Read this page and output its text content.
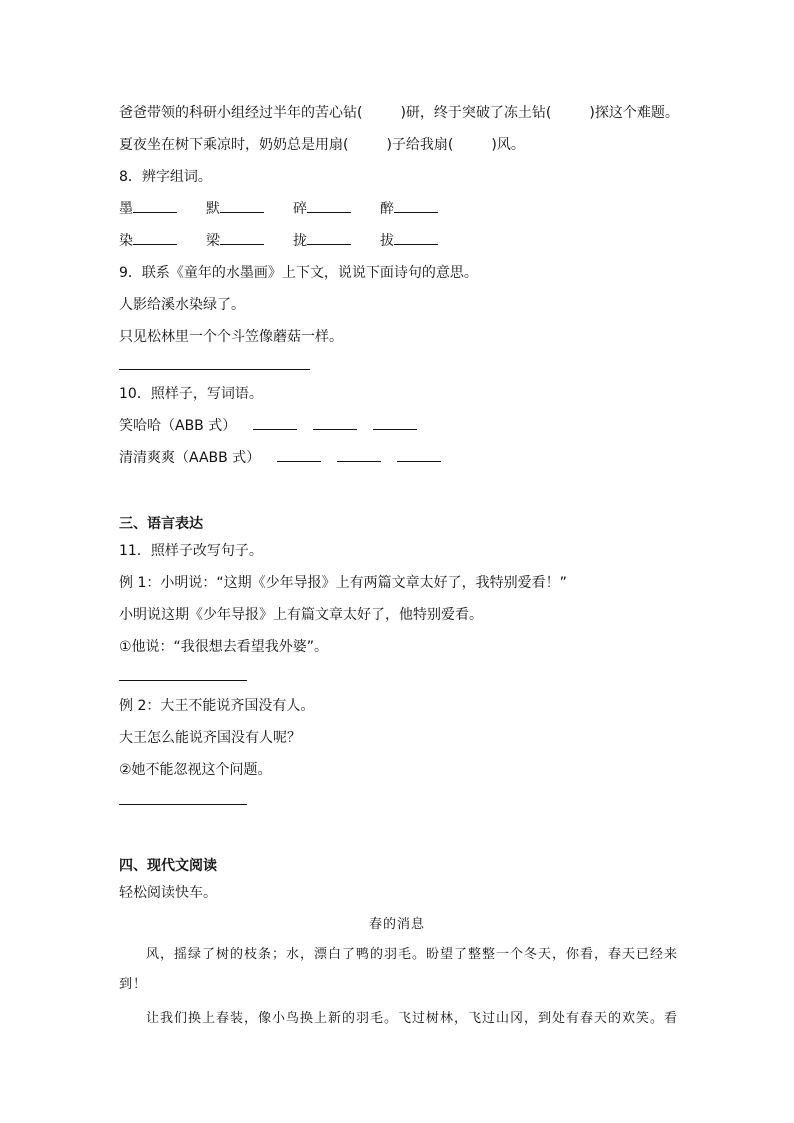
爸爸带领的科研小组经过半年的苦心钻(	)研，终于突破了冻土钻(	)探这个难题。
夏夜坐在树下乘凉时，奶奶总是用扇(	)子给我扇(	)风。
8．辨字组词。
墨	默	碎	醉
染	梁	拢	拔
9．联系《童年的水墨画》上下文，说说下面诗句的意思。
人影给溪水染绿了。
只见松林里一个个斗笠像蘑菇一样。
10．照样子，写词语。
笑哈哈（ABB 式）
清清爽爽（AABB 式）
三、语言表达
11．照样子改写句子。
例 1：小明说：“这期《少年导报》上有两篇文章太好了，我特别爱看！”
小明说这期《少年导报》上有篇文章太好了，他特别爱看。
①他说：“我很想去看望我外婆”。
例 2：大王不能说齐国没有人。
大王怎么能说齐国没有人呢？
②她不能忽视这个问题。
四、现代文阅读
轻松阅读快车。
春的消息
风，摇绿了树的枝条；水，漂白了鸭的羽毛。盼望了整整一个冬天，你看，春天已经来
到！
让我们换上春装，像小鸟换上新的羽毛。飞过树林，飞过山冈，到处有春天的欢笑。看
